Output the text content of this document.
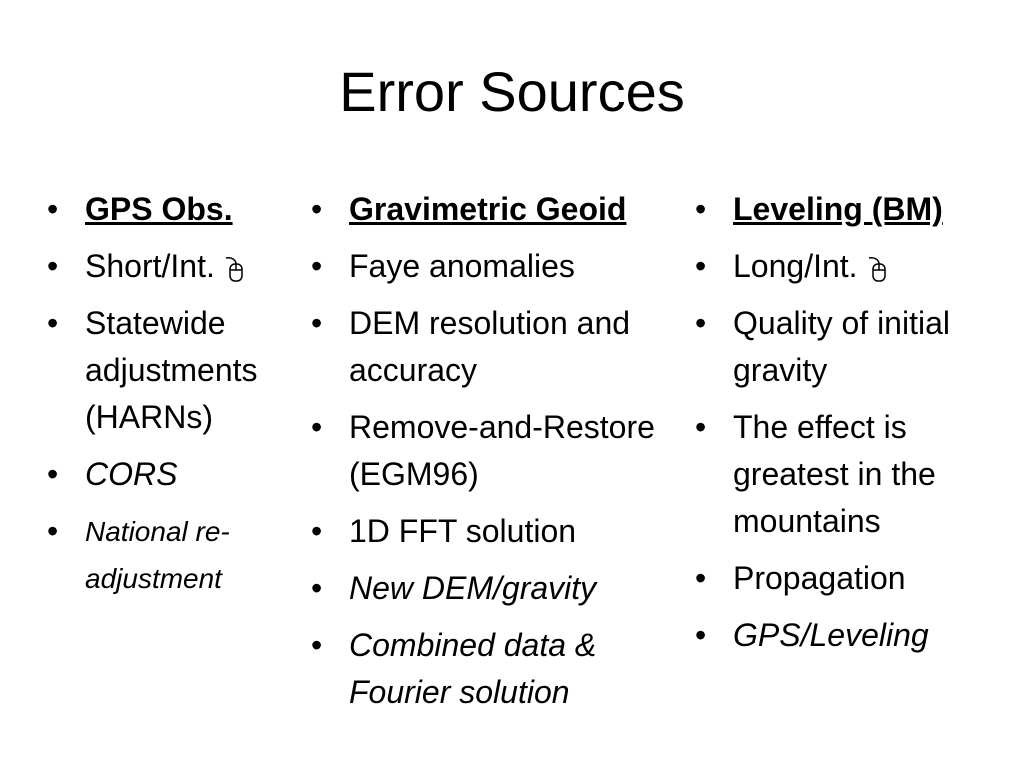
Error Sources
• GPS Obs.
• Short/Int.
• Statewide adjustments (HARNs)
• CORS
• National re-adjustment
• Gravimetric Geoid
• Faye anomalies
• DEM resolution and accuracy
• Remove-and-Restore (EGM96)
• 1D FFT solution
• New DEM/gravity
• Combined data & Fourier solution
• Leveling (BM)
• Long/Int.
• Quality of initial gravity
• The effect is greatest in the mountains
• Propagation
• GPS/Leveling
